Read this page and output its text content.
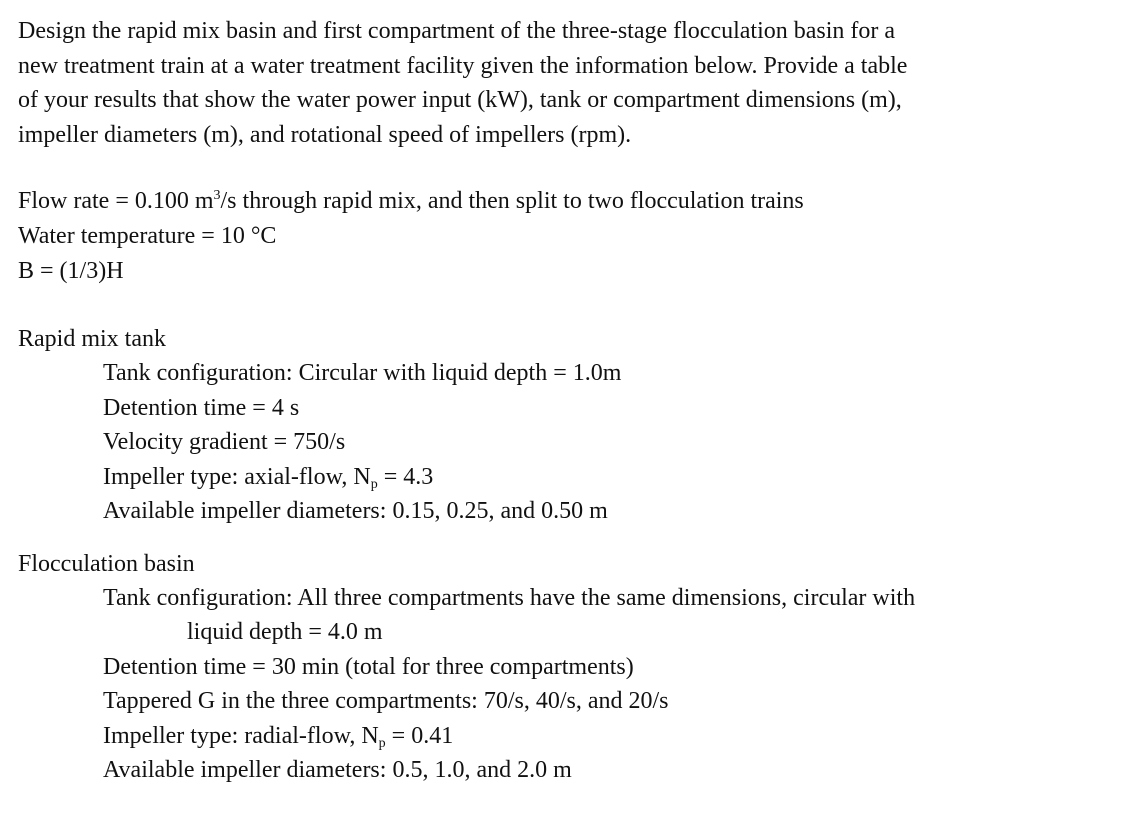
Design the rapid mix basin and first compartment of the three-stage flocculation basin for a
new treatment train at a water treatment facility given the information below. Provide a table
of your results that show the water power input (kW), tank or compartment dimensions (m),
impeller diameters (m), and rotational speed of impellers (rpm).
Flow rate = 0.100 $m^3/s$ through rapid mix, and then split to two flocculation trains
Water temperature = 10 °C
B = (1/3)H
Rapid mix tank
Tank configuration: Circular with liquid depth = 1.0m
Detention time = 4 s
Velocity gradient = 750/s
Impeller type: axial-flow, $N_p = 4.3$
Available impeller diameters: 0.15, 0.25, and 0.50 m
Flocculation basin
Tank configuration: All three compartments have the same dimensions, circular with
liquid depth = 4.0 m
Detention time = 30 min (total for three compartments)
Tappered G in the three compartments: 70/s, 40/s, and 20/s
Impeller type: radial-flow, $N_p = 0.41$
Available impeller diameters: 0.5, 1.0, and 2.0 m
